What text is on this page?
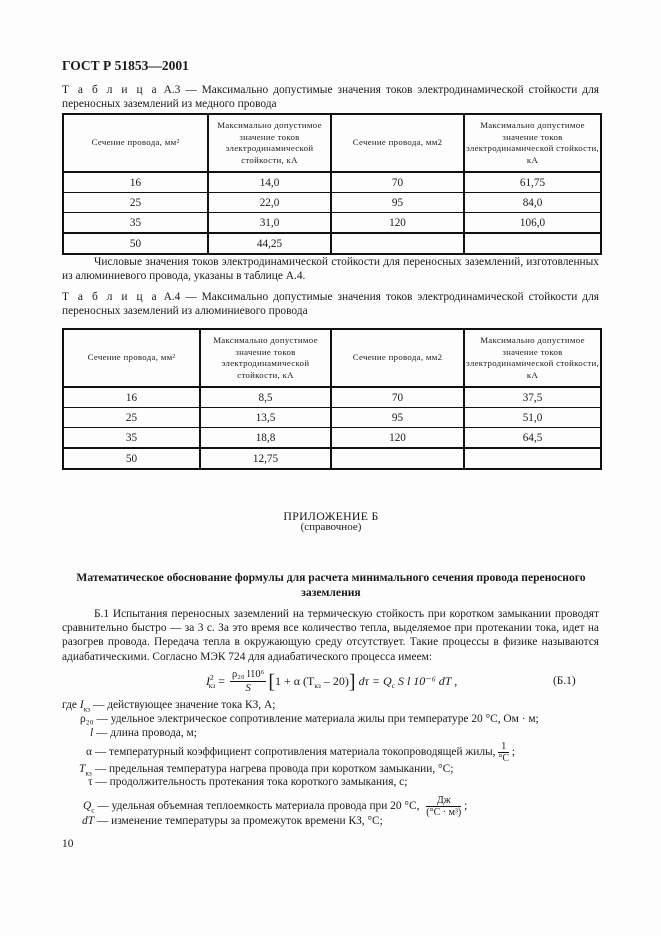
ГОСТ Р 51853—2001
Т а б л и ц а А.3 — Максимально допустимые значения токов электродинамической стойкости для переносных заземлений из медного провода
Сечение провода, мм²	Максимально допустимое значение токов электродинамической стойкости, кА	Сечение провода, мм2	Максимально допустимое значение токов электродинамической стойкости, кА
16	14,0	70	61,75
25	22,0	95	84,0
35	31,0	120	106,0
50	44,25		
Числовые значения токов электродинамической стойкости для переносных заземлений, изготовленных из алюминиевого провода, указаны в таблице А.4.
Т а б л и ц а А.4 — Максимально допустимые значения токов электродинамической стойкости для переносных заземлений из алюминиевого провода
Сечение провода, мм²	Максимально допустимое значение токов электродинамической стойкости, кА	Сечение провода, мм2	Максимально допустимое значение токов электродинамической стойкости, кА
16	8,5	70	37,5
25	13,5	95	51,0
35	18,8	120	64,5
50	12,75		
ПРИЛОЖЕНИЕ Б
(справочное)
Математическое обоснование формулы для расчета минимального сечения провода переносного заземления
Б.1 Испытания переносных заземлений на термическую стойкость при коротком замыкании проводят сравнительно быстро — за 3 с. За это время все количество тепла, выделяемое при протекании тока, идет на разогрев провода. Передача тепла в окружающую среду отсутствует. Такие процессы в физике называются адиабатическими. Согласно МЭК 724 для адиабатического процесса имеем:
$I^2_{кз} = \frac{\text{ρ₂₀ l10⁶}}{S} [1 + \alpha$ $(T_{кз} - 20)$] $d\tau = Q_c$ S l 10⁻⁶ dT ,	(Б.1)
где $I_{кз}$ — действующее значение тока КЗ, А;
ρ₂₀ — удельное электрическое сопротивление материала жилы при температуре 20 °С, Ом · м;
l — длина провода, м;
α — температурный коэффициент сопротивления материала токопроводящей жилы, 1
°С
;
$T_{кз}$ — предельная температура нагрева провода при коротком замыкании, °С;
τ — продолжительность протекания тока короткого замыкания, с;
$Q_c$ — удельная объемная теплоемкость материала провода при 20 °С,	Дж
(°С · м³)
;
dT — изменение температуры за промежуток времени КЗ, °С;
10
